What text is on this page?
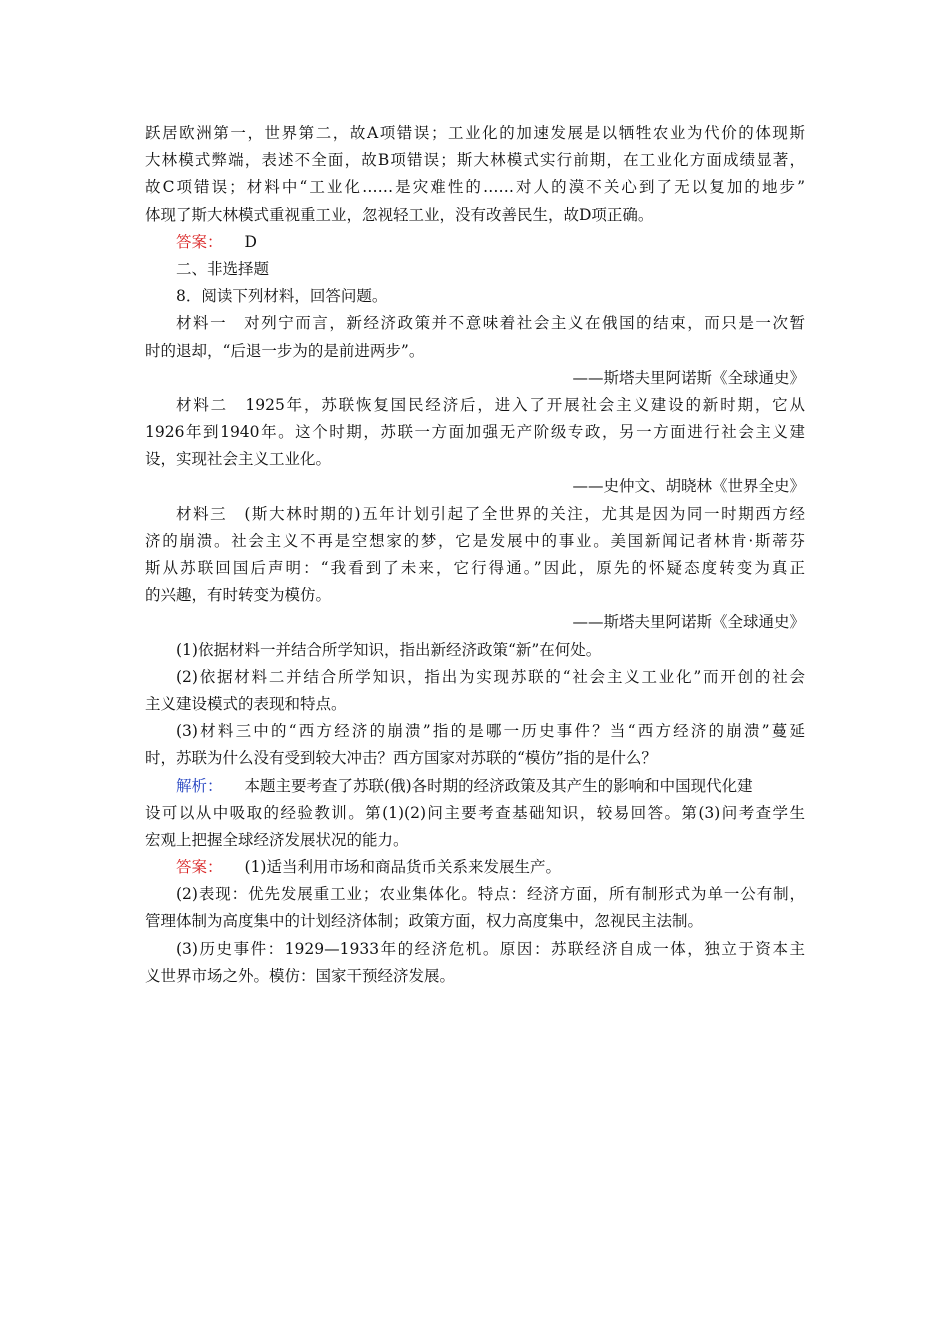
跃居欧洲第一，世界第二，故A项错误；工业化的加速发展是以牺牲农业为代价的体现斯
大林模式弊端，表述不全面，故B项错误；斯大林模式实行前期，在工业化方面成绩显著，
故C项错误；材料中“工业化……是灾难性的……对人的漠不关心到了无以复加的地步”
体现了斯大林模式重视重工业，忽视轻工业，没有改善民生，故D项正确。
答案： D
二、非选择题
8．阅读下列材料，回答问题。
材料一　对列宁而言，新经济政策并不意味着社会主义在俄国的结束，而只是一次暂
时的退却，“后退一步为的是前进两步”。
——斯塔夫里阿诺斯《全球通史》
材料二　1925年，苏联恢复国民经济后，进入了开展社会主义建设的新时期，它从
1926年到1940年。这个时期，苏联一方面加强无产阶级专政，另一方面进行社会主义建
设，实现社会主义工业化。
——史仲文、胡晓林《世界全史》
材料三　(斯大林时期的)五年计划引起了全世界的关注，尤其是因为同一时期西方经
济的崩溃。社会主义不再是空想家的梦，它是发展中的事业。美国新闻记者林肯·斯蒂芬
斯从苏联回国后声明：“我看到了未来，它行得通。”因此，原先的怀疑态度转变为真正
的兴趣，有时转变为模仿。
——斯塔夫里阿诺斯《全球通史》
(1)依据材料一并结合所学知识，指出新经济政策“新”在何处。
(2)依据材料二并结合所学知识，指出为实现苏联的“社会主义工业化”而开创的社会
主义建设模式的表现和特点。
(3)材料三中的“西方经济的崩溃”指的是哪一历史事件？当“西方经济的崩溃”蔓延
时，苏联为什么没有受到较大冲击？西方国家对苏联的“模仿”指的是什么？
解析： 本题主要考查了苏联(俄)各时期的经济政策及其产生的影响和中国现代化建
设可以从中吸取的经验教训。第(1)(2)问主要考查基础知识，较易回答。第(3)问考查学生
宏观上把握全球经济发展状况的能力。
答案： (1)适当利用市场和商品货币关系来发展生产。
(2)表现：优先发展重工业；农业集体化。特点：经济方面，所有制形式为单一公有制，
管理体制为高度集中的计划经济体制；政策方面，权力高度集中，忽视民主法制。
(3)历史事件：1929—1933年的经济危机。原因：苏联经济自成一体，独立于资本主
义世界市场之外。模仿：国家干预经济发展。
